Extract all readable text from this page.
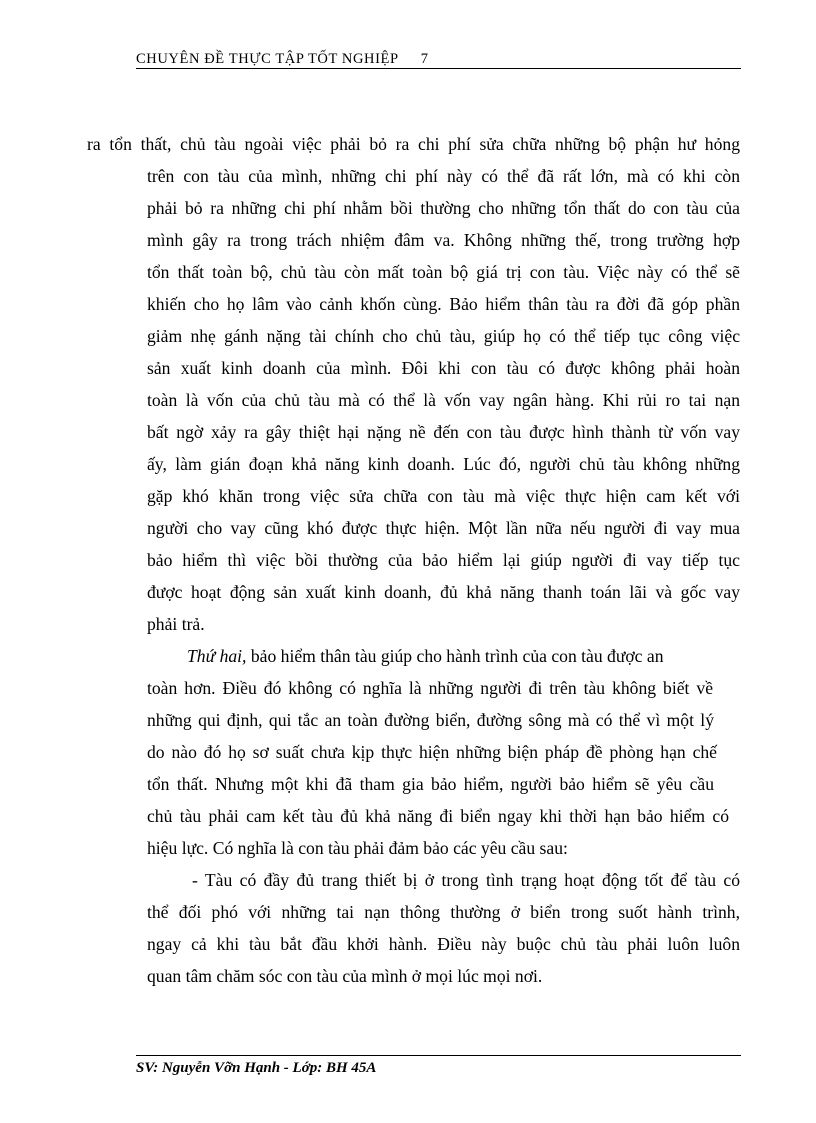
CHUYÊN ĐỀ THỰC TẬP TỐT NGHIỆP 7
ra tổn thất, chủ tàu ngoài việc phải bỏ ra chi phí sửa chữa những bộ phận hư hỏng
trên con tàu của mình, những chi phí này có thể đã rất lớn, mà có khi còn
phải bỏ ra những chi phí nhằm bồi thường cho những tổn thất do con tàu của
mình gây ra trong trách nhiệm đâm va. Không những thế, trong trường hợp
tổn thất toàn bộ, chủ tàu còn mất toàn bộ giá trị con tàu. Việc này có thể sẽ
khiến cho họ lâm vào cảnh khốn cùng. Bảo hiểm thân tàu ra đời đã góp phần
giảm nhẹ gánh nặng tài chính cho chủ tàu, giúp họ có thể tiếp tục công việc
sản xuất kinh doanh của mình. Đôi khi con tàu có được không phải hoàn
toàn là vốn của chủ tàu mà có thể là vốn vay ngân hàng. Khi rủi ro tai nạn
bất ngờ xảy ra gây thiệt hại nặng nề đến con tàu được hình thành từ vốn vay
ấy, làm gián đoạn khả năng kinh doanh. Lúc đó, người chủ tàu không những
gặp khó khăn trong việc sửa chữa con tàu mà việc thực hiện cam kết với
người cho vay cũng khó được thực hiện. Một lần nữa nếu người đi vay mua
bảo hiểm thì việc bồi thường của bảo hiểm lại giúp người đi vay tiếp tục
được hoạt động sản xuất kinh doanh, đủ khả năng thanh toán lãi và gốc vay
phải trả.
Thứ hai, bảo hiểm thân tàu giúp cho hành trình của con tàu được an
toàn hơn. Điều đó không có nghĩa là những người đi trên tàu không biết về
những qui định, qui tắc an toàn đường biển, đường sông mà có thể vì một lý
do nào đó họ sơ suất chưa kịp thực hiện những biện pháp đề phòng hạn chế
tổn thất. Nhưng một khi đã tham gia bảo hiểm, người bảo hiểm sẽ yêu cầu
chủ tàu phải cam kết tàu đủ khả năng đi biển ngay khi thời hạn bảo hiểm có
hiệu lực. Có nghĩa là con tàu phải đảm bảo các yêu cầu sau:
- Tàu có đầy đủ trang thiết bị ở trong tình trạng hoạt động tốt để tàu có
thể đối phó với những tai nạn thông thường ở biển trong suốt hành trình,
ngay cả khi tàu bắt đầu khởi hành. Điều này buộc chủ tàu phải luôn luôn
quan tâm chăm sóc con tàu của mình ở mọi lúc mọi nơi.
SV: Nguyễn Vỡn Hạnh - Lớp: BH 45A
